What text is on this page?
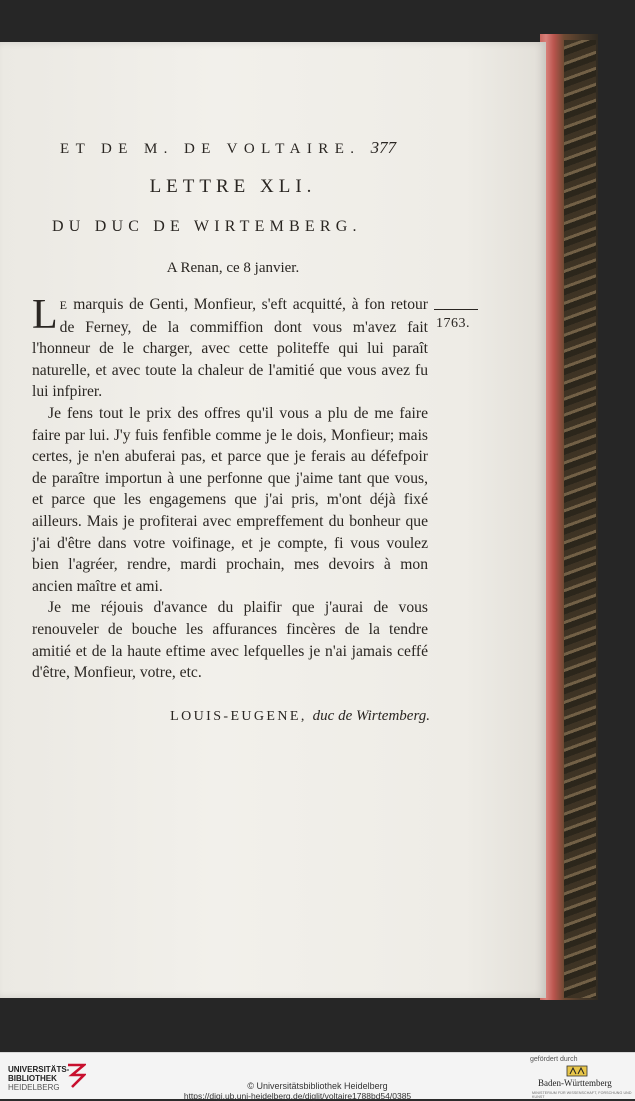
ET DE M. DE VOLTAIRE. 377
LETTRE XLI.
DU DUC DE WIRTEMBERG.
A Renan, ce 8 janvier.
1763.

L E marquis de Genti, Monfieur, s'eft acquitté, à fon retour de Ferney, de la commiffion dont vous m'avez fait l'honneur de le charger, avec cette politeffe qui lui paraît naturelle, et avec toute la chaleur de l'amitié que vous avez fu lui infpirer.

Je fens tout le prix des offres qu'il vous a plu de me faire faire par lui. J'y fuis fenfible comme je le dois, Monfieur; mais certes, je n'en abuferai pas, et parce que je ferais au défefpoir de paraître importun à une perfonne que j'aime tant que vous, et parce que les engagemens que j'ai pris, m'ont déjà fixé ailleurs. Mais je profiterai avec empreffement du bonheur que j'ai d'être dans votre voifinage, et je compte, fi vous voulez bien l'agréer, rendre, mardi prochain, mes devoirs à mon ancien maître et ami.

Je me réjouis d'avance du plaifir que j'aurai de vous renouveler de bouche les affurances fincères de la tendre amitié et de la haute eftime avec lefquelles je n'ai jamais ceffé d'être, Monfieur, votre, etc.

LOUIS-EUGENE, duc de Wirtemberg.
UNIVERSITÄTS-
BIBLIOTHEK
HEIDELBERG	© Universitätsbibliothek Heidelberg
https://digi.ub.uni-heidelberg.de/diglit/voltaire1788bd54/0385
gefördert durch
Baden-Württemberg
MINISTERIUM FÜR WISSENSCHAFT, FORSCHUNG UND KUNST
